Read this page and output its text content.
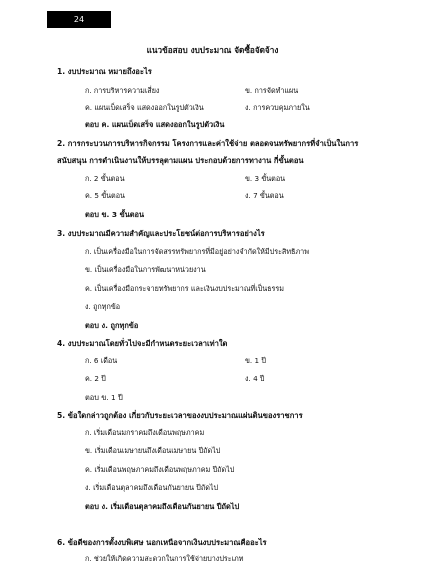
24
แนวข้อสอบ งบประมาณ จัดซื้อจัดจ้าง
1. งบประมาณ หมายถึงอะไร
ก. การบริหารความเสี่ยง	ข. การจัดทำแผน
ค. แผนเบ็ดเสร็จ แสดงออกในรูปตัวเงิน	ง. การควบคุมภายใน
ตอบ ค. แผนเบ็ดเสร็จ แสดงออกในรูปตัวเงิน
2. การกระบวนการบริหารกิจกรรม โครงการและค่าใช้จ่าย ตลอดจนทรัพยากรที่จำเป็นในการ
สนับสนุน การดำเนินงานให้บรรลุตามแผน ประกอบด้วยการทางาน กี่ขั้นตอน
ก. 2 ขั้นตอน	ข. 3 ขั้นตอน
ค. 5 ขั้นตอน	ง. 7 ขั้นตอน
ตอบ ข. 3 ขั้นตอน
3. งบประมาณมีความสำคัญและประโยชน์ต่อการบริหารอย่างไร
ก. เป็นเครื่องมือในการจัดสรรทรัพยากรที่มีอยู่อย่างจำกัดให้มีประสิทธิภาพ
ข. เป็นเครื่องมือในการพัฒนาหน่วยงาน
ค. เป็นเครื่องมือกระจายทรัพยากร และเงินงบประมาณที่เป็นธรรม
ง. ถูกทุกข้อ
ตอบ ง. ถูกทุกข้อ
4. งบประมาณโดยทั่วไปจะมีกำหนดระยะเวลาเท่าใด
ก. 6 เดือน	ข. 1 ปี
ค. 2 ปี	ง. 4 ปี
ตอบ ข. 1 ปี
5. ข้อใดกล่าวถูกต้อง เกี่ยวกับระยะเวลาของงบประมาณแผ่นดินของราชการ
ก. เริ่มเดือนมกราคมถึงเดือนพฤษภาคม
ข. เริ่มเดือนเมษายนถึงเดือนเมษายน ปีถัดไป
ค. เริ่มเดือนพฤษภาคมถึงเดือนพฤษภาคม ปีถัดไป
ง. เริ่มเดือนตุลาคมถึงเดือนกันยายน ปีถัดไป
ตอบ ง. เริ่มเดือนตุลาคมถึงเดือนกันยายน ปีถัดไป
6. ข้อดีของการตั้งงบพิเศษ นอกเหนือจากเงินงบประมาณคืออะไร
ก. ช่วยให้เกิดความสะดวกในการใช้จ่ายบางประเภท
